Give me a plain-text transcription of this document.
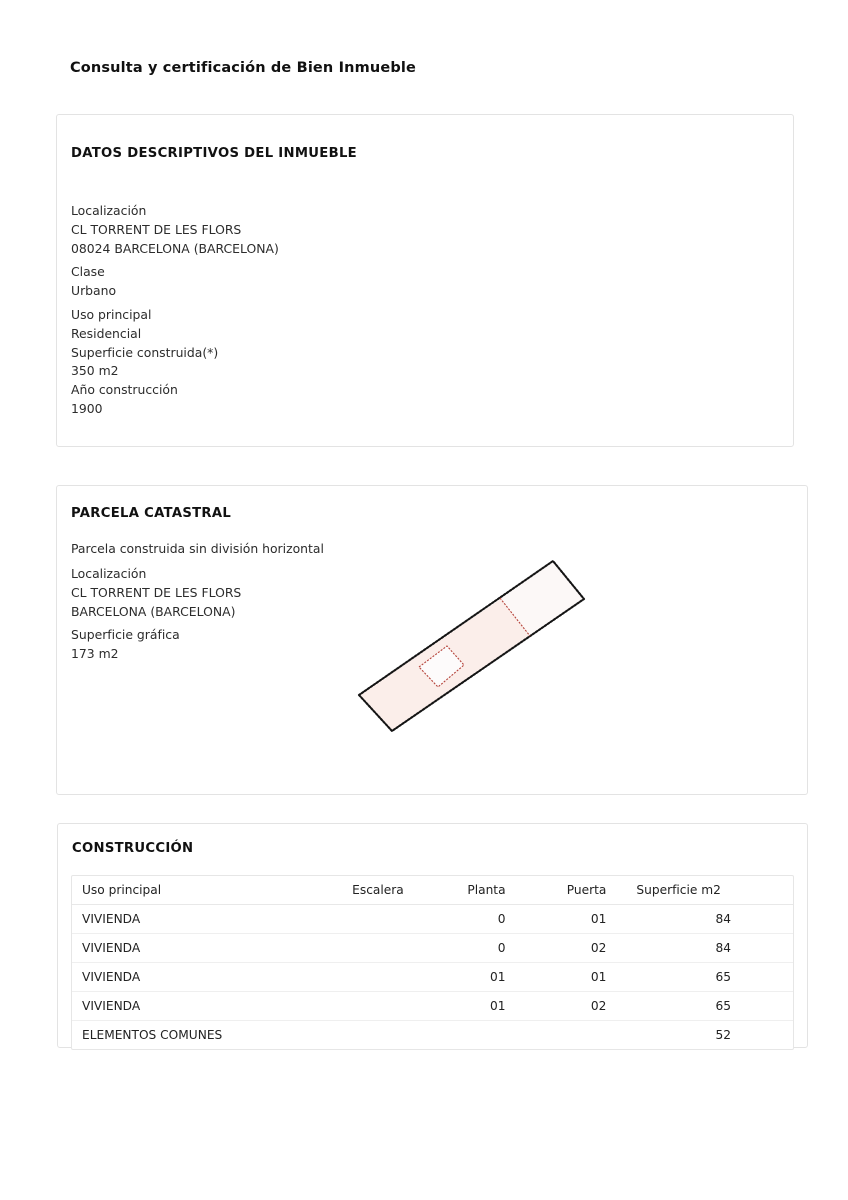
Consulta y certificación de Bien Inmueble
DATOS DESCRIPTIVOS DEL INMUEBLE
Localización
CL TORRENT DE LES FLORS
08024 BARCELONA (BARCELONA)
Clase
Urbano
Uso principal
Residencial
Superficie construida(*)
350 m2
Año construcción
1900
PARCELA CATASTRAL
Parcela construida sin división horizontal
Localización
CL TORRENT DE LES FLORS
BARCELONA (BARCELONA)
Superficie gráfica
173 m2
CONSTRUCCIÓN
Uso principal	Escalera	Planta	Puerta	Superficie m2
VIVIENDA		0	01	84
VIVIENDA		0	02	84
VIVIENDA		01	01	65
VIVIENDA		01	02	65
ELEMENTOS COMUNES				52
